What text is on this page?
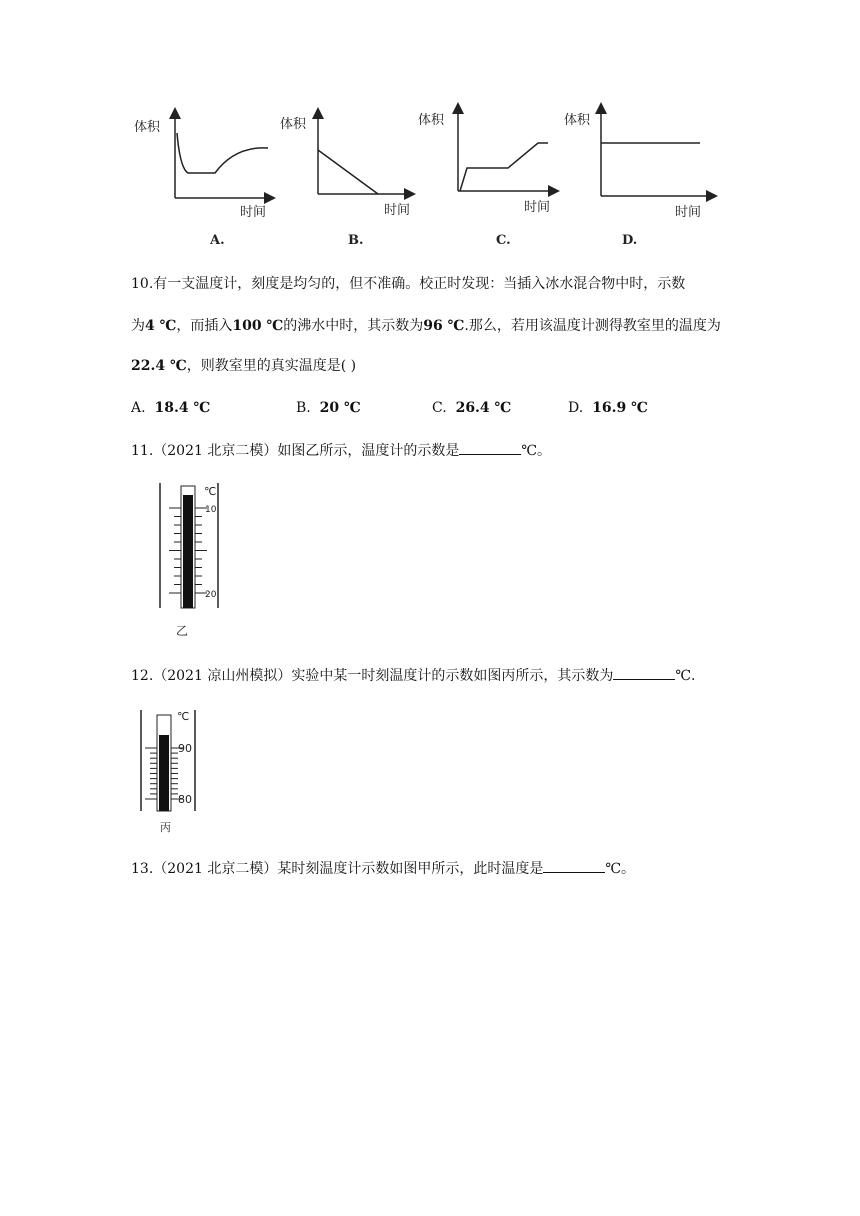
体积
时间
A.
体积
时间
B.
体积
时间
C.
体积
时间
D.
10.有一支温度计，刻度是均匀的，但不准确。校正时发现：当插入冰水混合物中时，示数
为4 ℃，而插入100 ℃的沸水中时，其示数为96 ℃.那么，若用该温度计测得教室里的温度为
22.4 ℃，则教室里的真实温度是( )
A. 18.4 ℃	B. 20 ℃	C. 26.4 ℃	D. 16.9 ℃
11.（2021 北京二模）如图乙所示，温度计的示数是	℃。
℃
10
20
乙
12.（2021 凉山州模拟）实验中某一时刻温度计的示数如图丙所示，其示数为	℃.
℃
90
80
丙
13.（2021 北京二模）某时刻温度计示数如图甲所示，此时温度是	℃。
